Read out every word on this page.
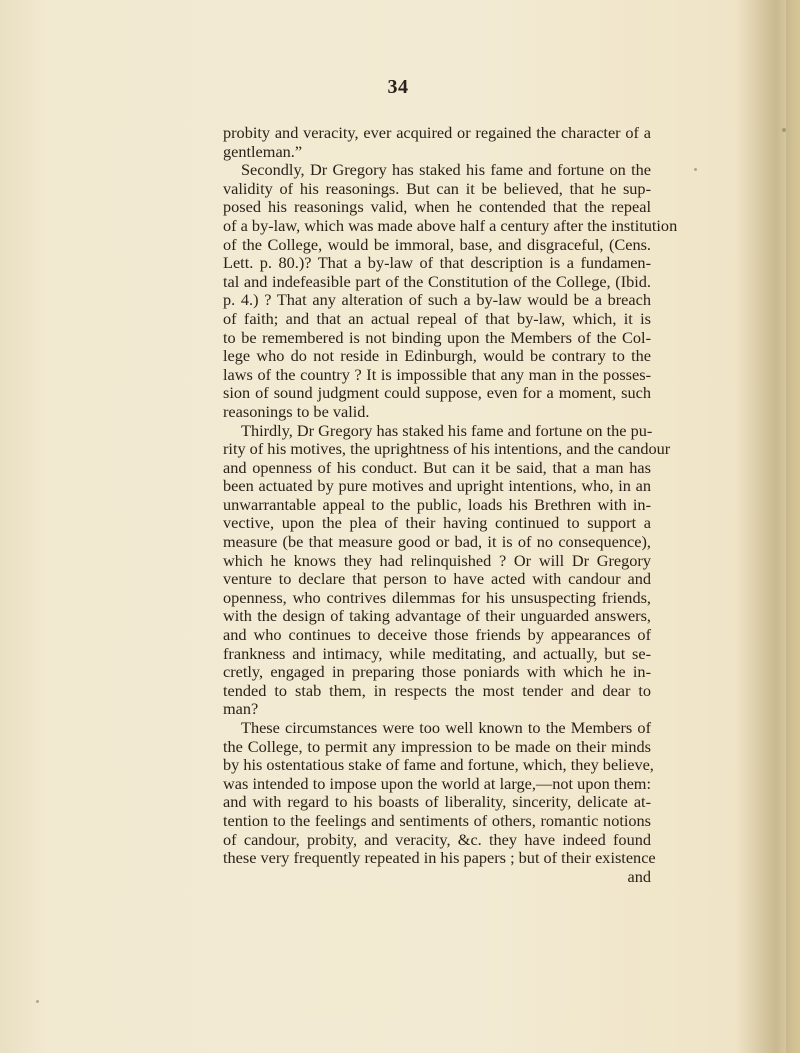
34
probity and veracity, ever acquired or regained the character of a
gentleman.”
Secondly, Dr Gregory has staked his fame and fortune on the
validity of his reasonings. But can it be believed, that he sup-
posed his reasonings valid, when he contended that the repeal
of a by-law, which was made above half a century after the institution
of the College, would be immoral, base, and disgraceful, (Cens.
Lett. p. 80.)? That a by-law of that description is a fundamen-
tal and indefeasible part of the Constitution of the College, (Ibid.
p. 4.) ? That any alteration of such a by-law would be a breach
of faith; and that an actual repeal of that by-law, which, it is
to be remembered is not binding upon the Members of the Col-
lege who do not reside in Edinburgh, would be contrary to the
laws of the country ? It is impossible that any man in the posses-
sion of sound judgment could suppose, even for a moment, such
reasonings to be valid.
Thirdly, Dr Gregory has staked his fame and fortune on the pu-
rity of his motives, the uprightness of his intentions, and the candour
and openness of his conduct. But can it be said, that a man has
been actuated by pure motives and upright intentions, who, in an
unwarrantable appeal to the public, loads his Brethren with in-
vective, upon the plea of their having continued to support a
measure (be that measure good or bad, it is of no consequence),
which he knows they had relinquished ? Or will Dr Gregory
venture to declare that person to have acted with candour and
openness, who contrives dilemmas for his unsuspecting friends,
with the design of taking advantage of their unguarded answers,
and who continues to deceive those friends by appearances of
frankness and intimacy, while meditating, and actually, but se-
cretly, engaged in preparing those poniards with which he in-
tended to stab them, in respects the most tender and dear to
man?
These circumstances were too well known to the Members of
the College, to permit any impression to be made on their minds
by his ostentatious stake of fame and fortune, which, they believe,
was intended to impose upon the world at large,—not upon them:
and with regard to his boasts of liberality, sincerity, delicate at-
tention to the feelings and sentiments of others, romantic notions
of candour, probity, and veracity, &c. they have indeed found
these very frequently repeated in his papers ; but of their existence
and
